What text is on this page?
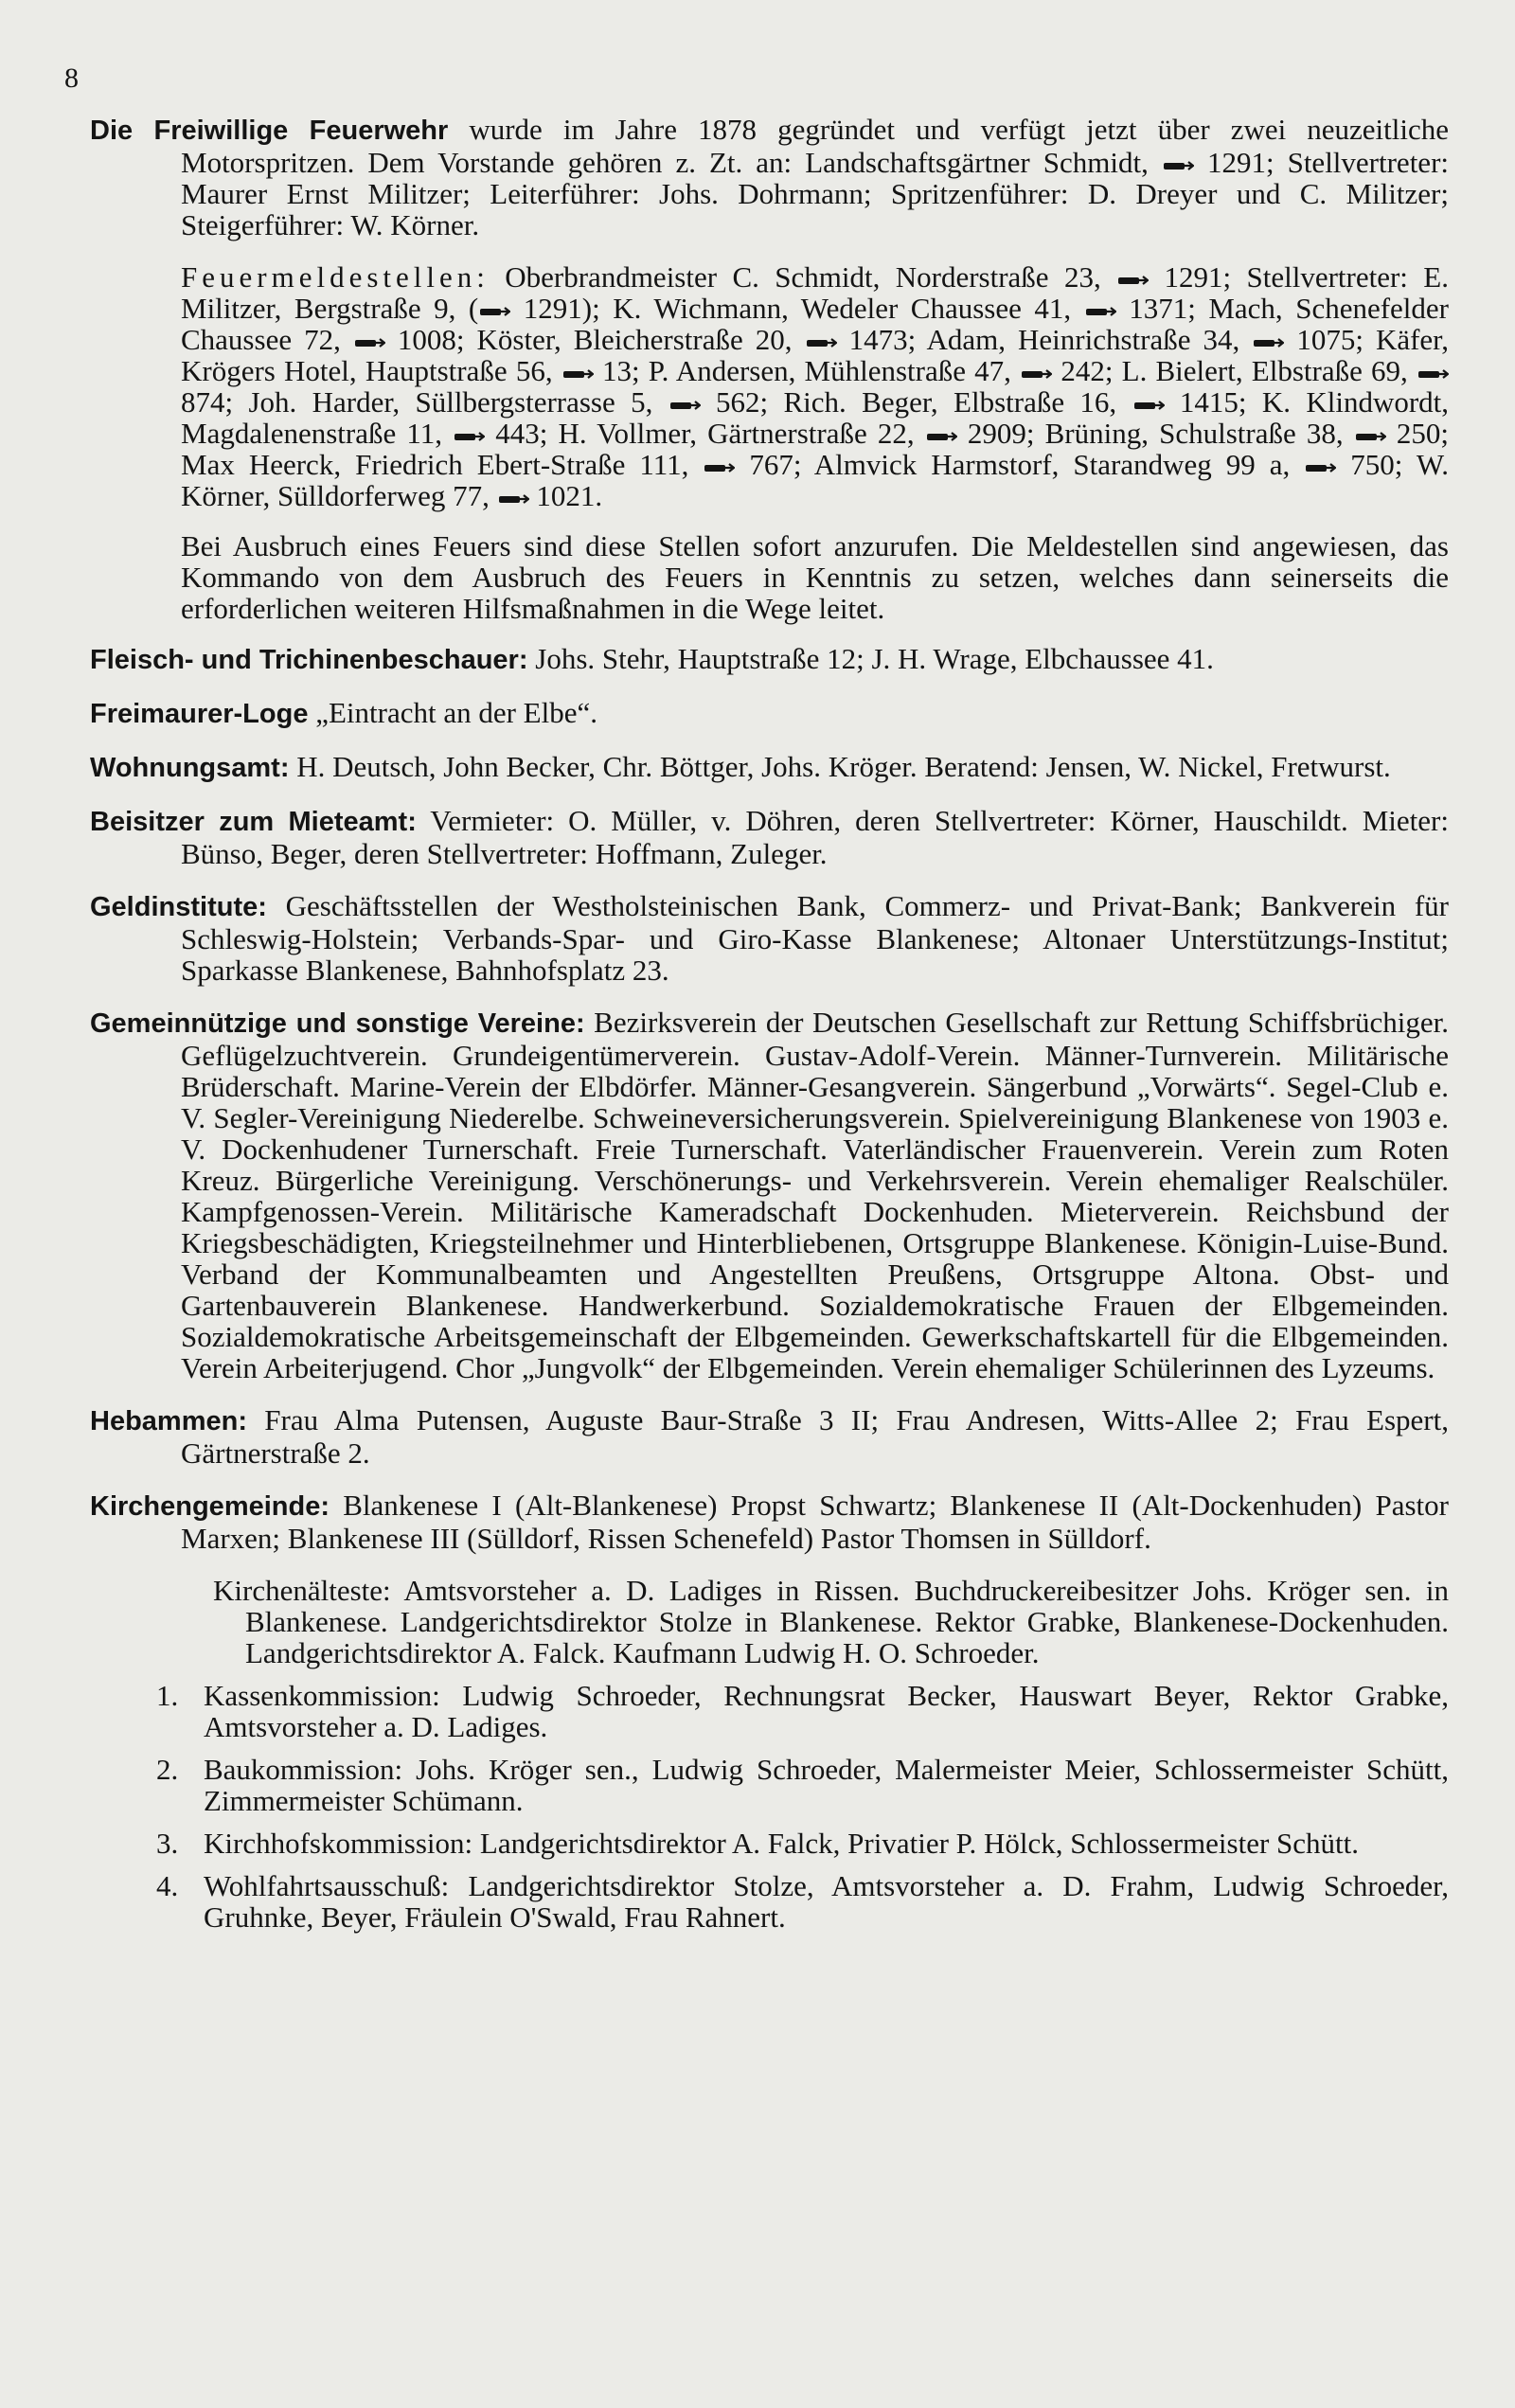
8

Die Freiwillige Feuerwehr wurde im Jahre 1878 gegründet und verfügt jetzt über zwei neuzeitliche Motorspritzen. Dem Vorstande gehören z. Zt. an: Landschaftsgärtner Schmidt,
1291; Stellvertreter: Maurer Ernst Militzer; Leiterführer: Johs. Dohrmann; Spritzenführer: D. Dreyer und C. Militzer; Steigerführer: W. Körner.

Feuermeldestellen: Oberbrandmeister C. Schmidt, Norderstraße 23,
1291; Stellvertreter: E. Militzer, Bergstraße 9, ( 1291); K. Wichmann, Wedeler Chaussee 41,
1371; Mach, Schenefelder Chaussee 72,
1008; Köster, Bleicherstraße 20,
1473; Adam, Heinrichstraße 34,
1075; Käfer, Krögers Hotel, Hauptstraße 56,
13; P. Andersen, Mühlenstraße 47,
242; L. Bielert, Elbstraße 69,
874; Joh. Harder, Süllbergsterrasse 5,
562; Rich. Beger, Elbstraße 16,
1415; K. Klindwordt, Magdalenenstraße 11,
443; H. Vollmer, Gärtnerstraße 22,
2909; Brüning, Schulstraße 38,
250; Max Heerck, Friedrich Ebert-Straße 111,
767; Almvick Harmstorf, Starandweg 99 a,
750; W. Körner, Sülldorferweg 77,
1021.

Bei Ausbruch eines Feuers sind diese Stellen sofort anzurufen. Die Meldestellen sind angewiesen, das Kommando von dem Ausbruch des Feuers in Kenntnis zu setzen, welches dann seinerseits die erforderlichen weiteren Hilfsmaßnahmen in die Wege leitet.

Fleisch- und Trichinenbeschauer: Johs. Stehr, Hauptstraße 12; J. H. Wrage, Elbchaussee 41.

Freimaurer-Loge „Eintracht an der Elbe“.

Wohnungsamt: H. Deutsch, John Becker, Chr. Böttger, Johs. Kröger. Beratend: Jensen, W. Nickel, Fretwurst.

Beisitzer zum Mieteamt: Vermieter: O. Müller, v. Döhren, deren Stellvertreter: Körner, Hauschildt. Mieter: Bünso, Beger, deren Stellvertreter: Hoffmann, Zuleger.

Geldinstitute: Geschäftsstellen der Westholsteinischen Bank, Commerz- und Privat-Bank; Bankverein für Schleswig-Holstein; Verbands-Spar- und Giro-Kasse Blankenese; Altonaer Unterstützungs-Institut; Sparkasse Blankenese, Bahnhofsplatz 23.

Gemeinnützige und sonstige Vereine: Bezirksverein der Deutschen Gesellschaft zur Rettung Schiffsbrüchiger. Geflügelzuchtverein. Grundeigentümerverein. Gustav-Adolf-Verein. Männer-Turnverein. Militärische Brüderschaft. Marine-Verein der Elbdörfer. Männer-Gesangverein. Sängerbund „Vorwärts“. Segel-Club e. V. Segler-Vereinigung Niederelbe. Schweineversicherungsverein. Spielvereinigung Blankenese von 1903 e. V. Dockenhudener Turnerschaft. Freie Turnerschaft. Vaterländischer Frauenverein. Verein zum Roten Kreuz. Bürgerliche Vereinigung. Verschönerungs- und Verkehrsverein. Verein ehemaliger Realschüler. Kampfgenossen-Verein. Militärische Kameradschaft Dockenhuden. Mieterverein. Reichsbund der Kriegsbeschädigten, Kriegsteilnehmer und Hinterbliebenen, Ortsgruppe Blankenese. Königin-Luise-Bund. Verband der Kommunalbeamten und Angestellten Preußens, Ortsgruppe Altona. Obst- und Gartenbauverein Blankenese. Handwerkerbund. Sozialdemokratische Frauen der Elbgemeinden. Sozialdemokratische Arbeitsgemeinschaft der Elbgemeinden. Gewerkschaftskartell für die Elbgemeinden. Verein Arbeiterjugend. Chor „Jungvolk“ der Elbgemeinden. Verein ehemaliger Schülerinnen des Lyzeums.

Hebammen: Frau Alma Putensen, Auguste Baur-Straße 3 II; Frau Andresen, Witts-Allee 2; Frau Espert, Gärtnerstraße 2.

Kirchengemeinde: Blankenese I (Alt-Blankenese) Propst Schwartz; Blankenese II (Alt-Dockenhuden) Pastor Marxen; Blankenese III (Sülldorf, Rissen Schenefeld) Pastor Thomsen in Sülldorf.

Kirchenälteste: Amtsvorsteher a. D. Ladiges in Rissen. Buchdruckereibesitzer Johs. Kröger sen. in Blankenese. Landgerichtsdirektor Stolze in Blankenese. Rektor Grabke, Blankenese-Dockenhuden. Landgerichtsdirektor A. Falck. Kaufmann Ludwig H. O. Schroeder.

1. Kassenkommission: Ludwig Schroeder, Rechnungsrat Becker, Hauswart Beyer, Rektor Grabke, Amtsvorsteher a. D. Ladiges.
2. Baukommission: Johs. Kröger sen., Ludwig Schroeder, Malermeister Meier, Schlossermeister Schütt, Zimmermeister Schümann.
3. Kirchhofskommission: Landgerichtsdirektor A. Falck, Privatier P. Hölck, Schlossermeister Schütt.
4. Wohlfahrtsausschuß: Landgerichtsdirektor Stolze, Amtsvorsteher a. D. Frahm, Ludwig Schroeder, Gruhnke, Beyer, Fräulein O'Swald, Frau Rahnert.
